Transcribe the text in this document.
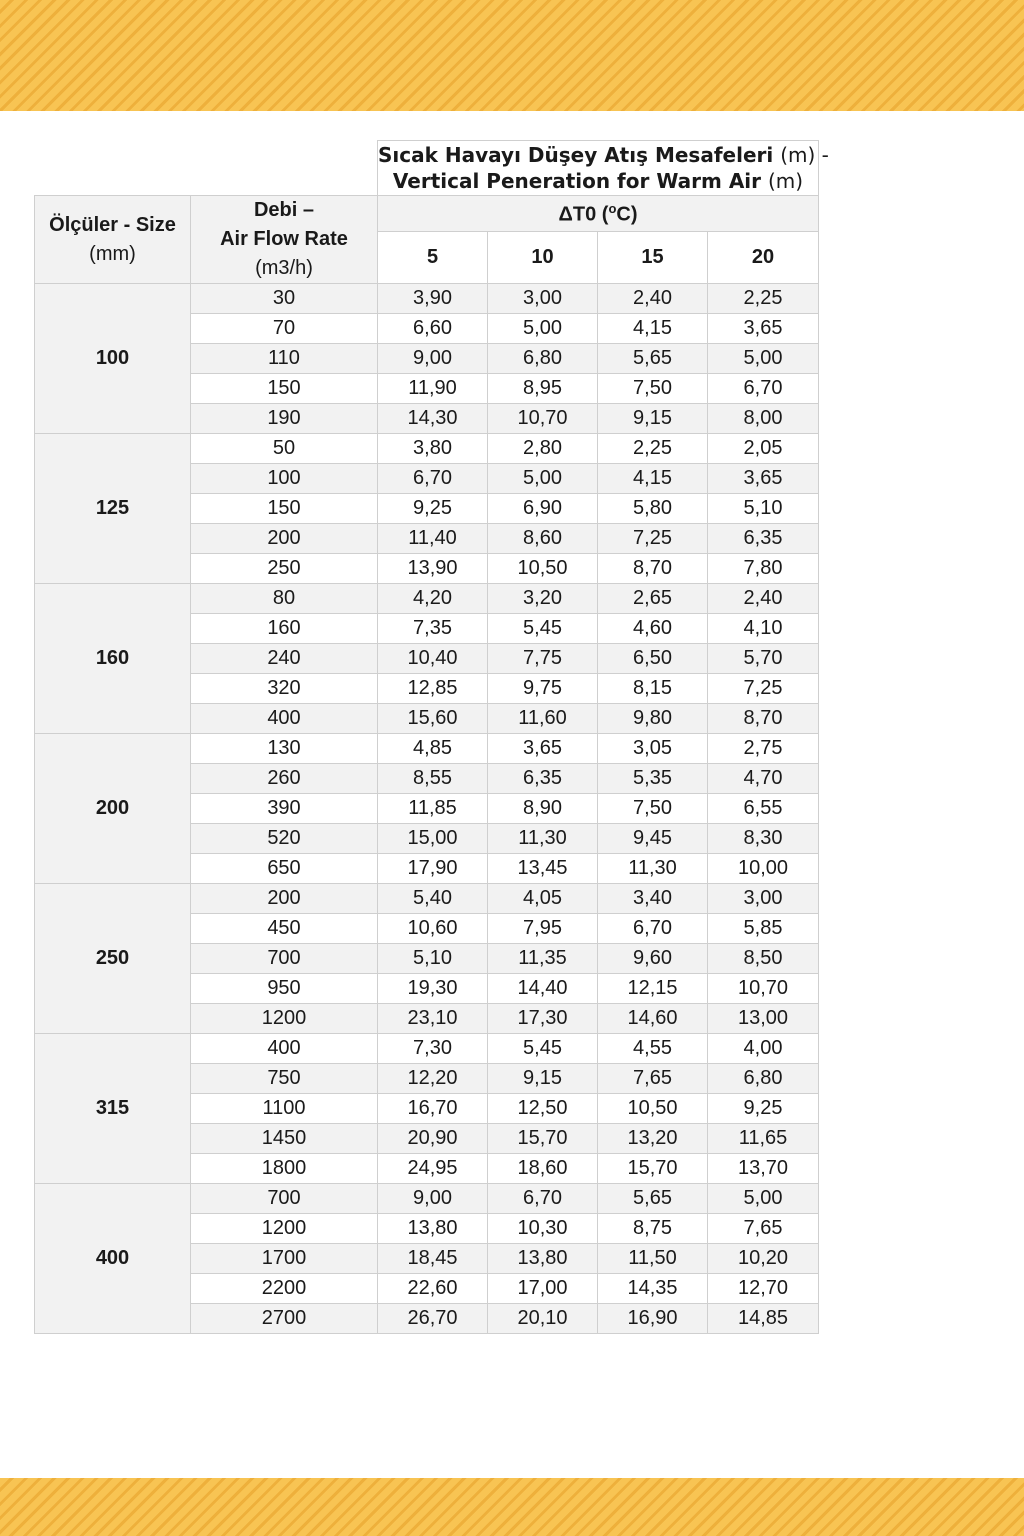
		Sıcak Havayı Düşey Atış Mesafeleri (m) -
Vertical Peneration for Warm Air (m)			
Ölçüler - Size
(mm)	Debi –
Air Flow Rate
(m3/h)	ΔT0 ($^o$C)			
		5	10	15	20
100	30	3,90	3,00	2,40	2,25
	70	6,60	5,00	4,15	3,65
	110	9,00	6,80	5,65	5,00
	150	11,90	8,95	7,50	6,70
	190	14,30	10,70	9,15	8,00
125	50	3,80	2,80	2,25	2,05
	100	6,70	5,00	4,15	3,65
	150	9,25	6,90	5,80	5,10
	200	11,40	8,60	7,25	6,35
	250	13,90	10,50	8,70	7,80
160	80	4,20	3,20	2,65	2,40
	160	7,35	5,45	4,60	4,10
	240	10,40	7,75	6,50	5,70
	320	12,85	9,75	8,15	7,25
	400	15,60	11,60	9,80	8,70
200	130	4,85	3,65	3,05	2,75
	260	8,55	6,35	5,35	4,70
	390	11,85	8,90	7,50	6,55
	520	15,00	11,30	9,45	8,30
	650	17,90	13,45	11,30	10,00
250	200	5,40	4,05	3,40	3,00
	450	10,60	7,95	6,70	5,85
	700	5,10	11,35	9,60	8,50
	950	19,30	14,40	12,15	10,70
	1200	23,10	17,30	14,60	13,00
315	400	7,30	5,45	4,55	4,00
	750	12,20	9,15	7,65	6,80
	1100	16,70	12,50	10,50	9,25
	1450	20,90	15,70	13,20	11,65
	1800	24,95	18,60	15,70	13,70
400	700	9,00	6,70	5,65	5,00
	1200	13,80	10,30	8,75	7,65
	1700	18,45	13,80	11,50	10,20
	2200	22,60	17,00	14,35	12,70
	2700	26,70	20,10	16,90	14,85
